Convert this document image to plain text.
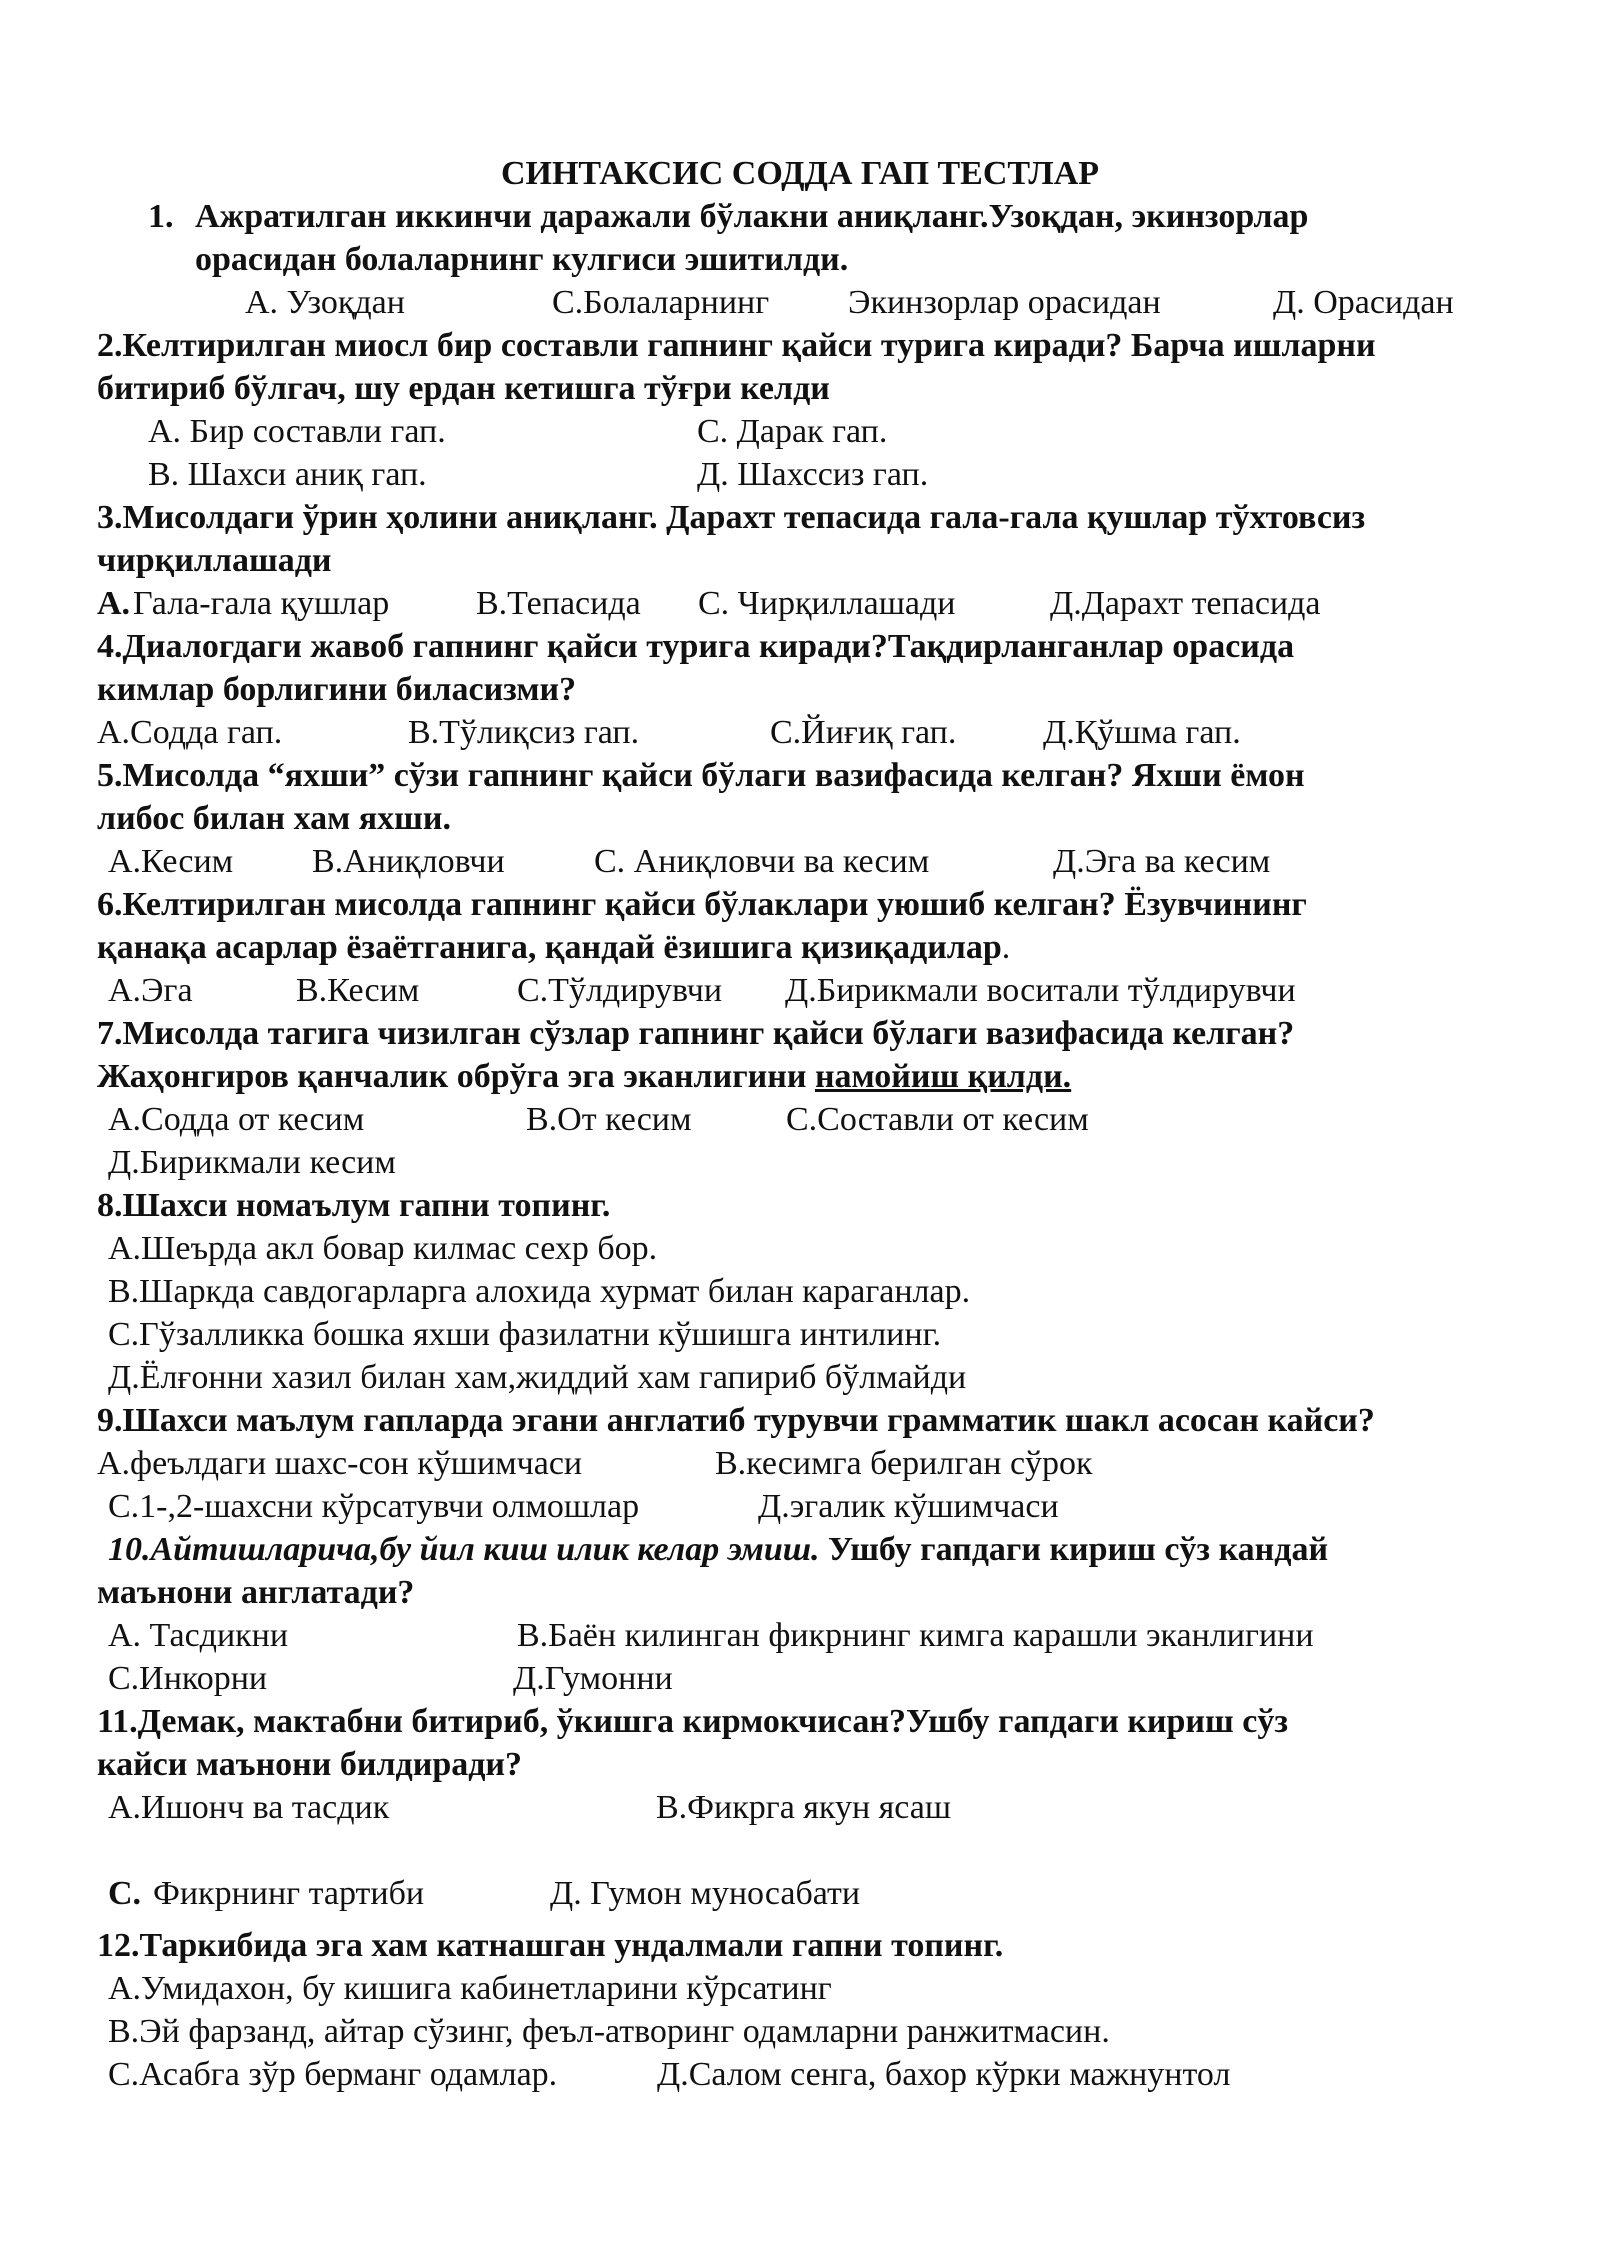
СИНТАКСИС СОДДА ГАП ТЕСТЛАР
1. Ажратилган иккинчи даражали бўлакни аниқланг.Узоқдан, экинзорлар
орасидан болаларнинг кулгиси эшитилди.
А. Узоқдан	С.Болаларнинг Экинзорлар орасидан	Д. Орасидан
2.Келтирилган миосл бир составли гапнинг қайси турига киради? Барча ишларни
битириб бўлгач, шу ердан кетишга тўғри келди
А. Бир составли гап.	С. Дарак гап.
В. Шахси аниқ гап.	Д. Шахссиз гап.
3.Мисолдаги ўрин ҳолини аниқланг. Дарахт тепасида гала-гала қушлар тўхтовсиз
чирқиллашади
А. Гала-гала қушлар	В.Тепасида С. Чирқиллашади	Д.Дарахт тепасида
4.Диалогдаги жавоб гапнинг қайси турига киради?Тақдирланганлар орасида
кимлар борлигини биласизми?
А.Содда гап.	В.Тўлиқсиз гап.	С.Йиғиқ гап.	Д.Қўшма гап.
5.Мисолда “яхши” сўзи гапнинг қайси бўлаги вазифасида келган? Яхши ёмон
либос билан хам яхши.
А.Кесим В.Аниқловчи	С. Аниқловчи ва кесим	Д.Эга ва кесим
6.Келтирилган мисолда гапнинг қайси бўлаклари уюшиб келган? Ёзувчининг
қанақа асарлар ёзаётганига, қандай ёзишига қизиқадилар.
А.Эга	В.Кесим	С.Тўлдирувчи Д.Бирикмали воситали тўлдирувчи
7.Мисолда тагига чизилган сўзлар гапнинг қайси бўлаги вазифасида келган?
Жаҳонгиров қанчалик обрўга эга эканлигини намойиш қилди.
А.Содда от кесим	В.От кесим	С.Составли от кесим
Д.Бирикмали кесим
8.Шахси номаълум гапни топинг.
А.Шеърда акл бовар килмас сехр бор.
В.Шаркда савдогарларга алохида хурмат билан караганлар.
С.Гўзалликка бошка яхши фазилатни кўшишга интилинг.
Д.Ёлғонни хазил билан хам,жиддий хам гапириб бўлмайди
9.Шахси маълум гапларда эгани англатиб турувчи грамматик шакл асосан кайси?
А.феълдаги шахс-сон кўшимчаси	В.кесимга берилган сўрок
С.1-,2-шахсни кўрсатувчи олмошлар	Д.эгалик кўшимчаси
10.Айтишларича,бу йил киш илик келар эмиш. Ушбу гапдаги кириш сўз кандай
маънони англатади?
А. Тасдикни	В.Баён килинган фикрнинг кимга карашли эканлигини
С.Инкорни	Д.Гумонни
11.Демак, мактабни битириб, ўкишга кирмокчисан?Ушбу гапдаги кириш сўз
кайси маънони билдиради?
А.Ишонч ва тасдик	В.Фикрга якун ясаш
С. Фикрнинг тартиби	Д. Гумон муносабати
12.Таркибида эга хам катнашган ундалмали гапни топинг.
А.Умидахон, бу кишига кабинетларини кўрсатинг
В.Эй фарзанд, айтар сўзинг, феъл-атворинг одамларни ранжитмасин.
С.Асабга зўр берманг одамлар.	Д.Салом сенга, бахор кўрки мажнунтол
